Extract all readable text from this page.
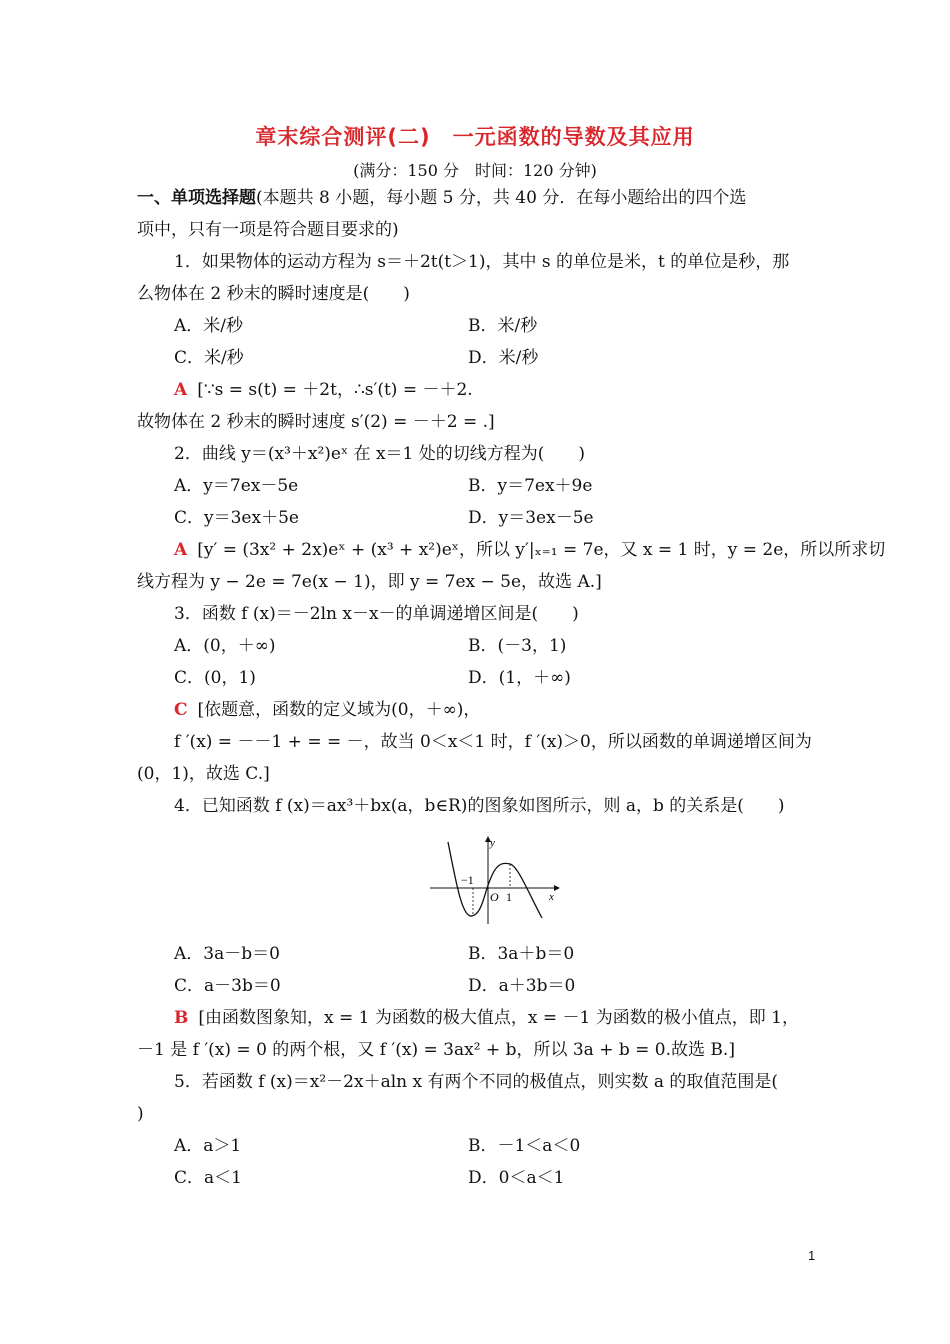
章末综合测评(二)　一元函数的导数及其应用
(满分：150 分　时间：120 分钟)
一、单项选择题(本题共 8 小题，每小题 5 分，共 40 分．在每小题给出的四个选
项中，只有一项是符合题目要求的)
1．如果物体的运动方程为 s＝＋2t(t＞1)，其中 s 的单位是米，t 的单位是秒，那
么物体在 2 秒末的瞬时速度是(　　)
A．米/秒	B．米/秒
C．米/秒	D．米/秒
A [∵s = s(t) = ＋2t，∴s′(t) = －＋2.
故物体在 2 秒末的瞬时速度 s′(2) = －＋2 = .]
2．曲线 y＝(x³＋x²)eˣ 在 x＝1 处的切线方程为(　　)
A．y＝7ex－5e	B．y＝7ex＋9e
C．y＝3ex＋5e	D．y＝3ex－5e
A [y′ = (3x² + 2x)eˣ + (x³ + x²)eˣ，所以 y′|ₓ₌₁ = 7e，又 x = 1 时，y = 2e，所以所求切
线方程为 y − 2e = 7e(x − 1)，即 y = 7ex − 5e，故选 A.]
3．函数 f (x)＝－2ln x－x－的单调递增区间是(　　)
A．(0，＋∞)	B．(－3，1)
C．(0，1)	D．(1，＋∞)
C [依题意，函数的定义域为(0，＋∞)，
f ′(x) = －－1 + = = －，故当 0＜x＜1 时，f ′(x)＞0，所以函数的单调递增区间为
(0，1)，故选 C.]
4．已知函数 f (x)＝ax³＋bx(a，b∈R)的图象如图所示，则 a，b 的关系是(　　)
y
x
O
−1
1
A．3a－b＝0	B．3a＋b＝0
C．a－3b＝0	D．a＋3b＝0
B [由函数图象知，x = 1 为函数的极大值点，x = －1 为函数的极小值点，即 1，
－1 是 f ′(x) = 0 的两个根，又 f ′(x) = 3ax² + b，所以 3a + b = 0.故选 B.]
5．若函数 f (x)＝x²－2x＋aln x 有两个不同的极值点，则实数 a 的取值范围是(
)
A．a＞1	B．－1＜a＜0
C．a＜1	D．0＜a＜1
1
